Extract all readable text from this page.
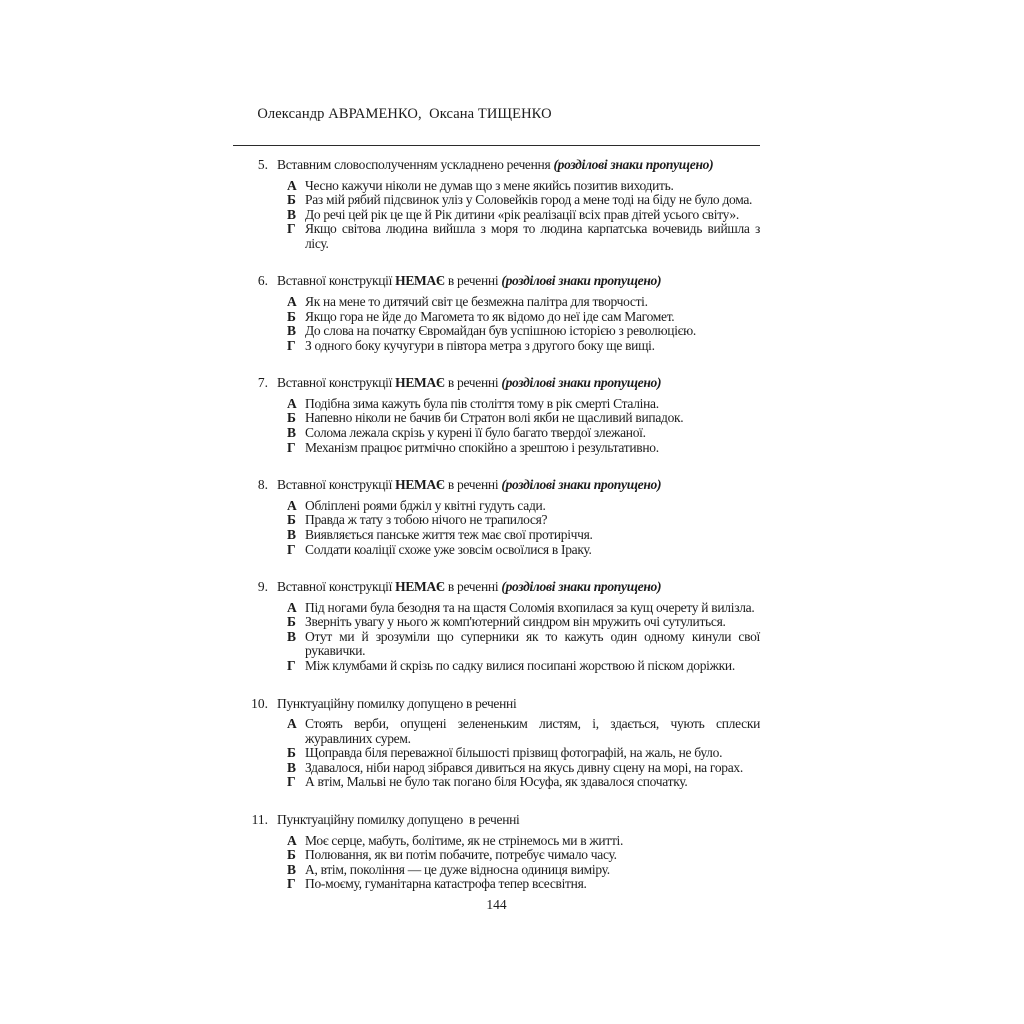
Олександр АВРАМЕНКО,  Оксана ТИЩЕНКО

5. Вставним словосполученням ускладнено речення (розділові знаки пропущено)
А Чесно кажучи ніколи не думав що з мене якийсь позитив виходить.
Б Раз мій рябий підсвинок уліз у Соловейків город а мене тоді на біду не було дома.
В До речі цей рік це ще й Рік дитини «рік реалізації всіх прав дітей усього світу».
Г Якщо світова людина вийшла з моря то людина карпатська вочевидь вийшла з лісу.
6. Вставної конструкції НЕМАЄ в реченні (розділові знаки пропущено)
А Як на мене то дитячий світ це безмежна палітра для творчості.
Б Якщо гора не йде до Магомета то як відомо до неї іде сам Магомет.
В До слова на початку Євромайдан був успішною історією з революцією.
Г З одного боку кучугури в півтора метра з другого боку ще вищі.
7. Вставної конструкції НЕМАЄ в реченні (розділові знаки пропущено)
А Подібна зима кажуть була пів століття тому в рік смерті Сталіна.
Б Напевно ніколи не бачив би Стратон волі якби не щасливий випадок.
В Солома лежала скрізь у курені її було багато твердої злежаної.
Г Механізм працює ритмічно спокійно а зрештою і результативно.
8. Вставної конструкції НЕМАЄ в реченні (розділові знаки пропущено)
А Обліплені роями бджіл у квітні гудуть сади.
Б Правда ж тату з тобою нічого не трапилося?
В Виявляється панське життя теж має свої протиріччя.
Г Солдати коаліції схоже уже зовсім освоїлися в Іраку.
9. Вставної конструкції НЕМАЄ в реченні (розділові знаки пропущено)
А Під ногами була безодня та на щастя Соломія вхопилася за кущ очерету й вилізла.
Б Зверніть увагу у нього ж комп'ютерний синдром він мружить очі сутулиться.
В Отут ми й зрозуміли що суперники як то кажуть один одному кинули свої рукавички.
Г Між клумбами й скрізь по садку вилися посипані жорствою й піском доріжки.
10. Пунктуаційну помилку допущено в реченні
А Стоять верби, опущені зелененьким листям, і, здається, чують сплески журавлиних сурем.
Б Щоправда біля переважної більшості прізвищ фотографій, на жаль, не було.
В Здавалося, ніби народ зібрався дивиться на якусь дивну сцену на морі, на горах.
Г А втім, Мальві не було так погано біля Юсуфа, як здавалося спочатку.
11. Пунктуаційну помилку допущено  в реченні
А Моє серце, мабуть, болітиме, як не стрінемось ми в житті.
Б Полювання, як ви потім побачите, потребує чимало часу.
В А, втім, покоління — це дуже відносна одиниця виміру.
Г По-моєму, гуманітарна катастрофа тепер всесвітня.
144
